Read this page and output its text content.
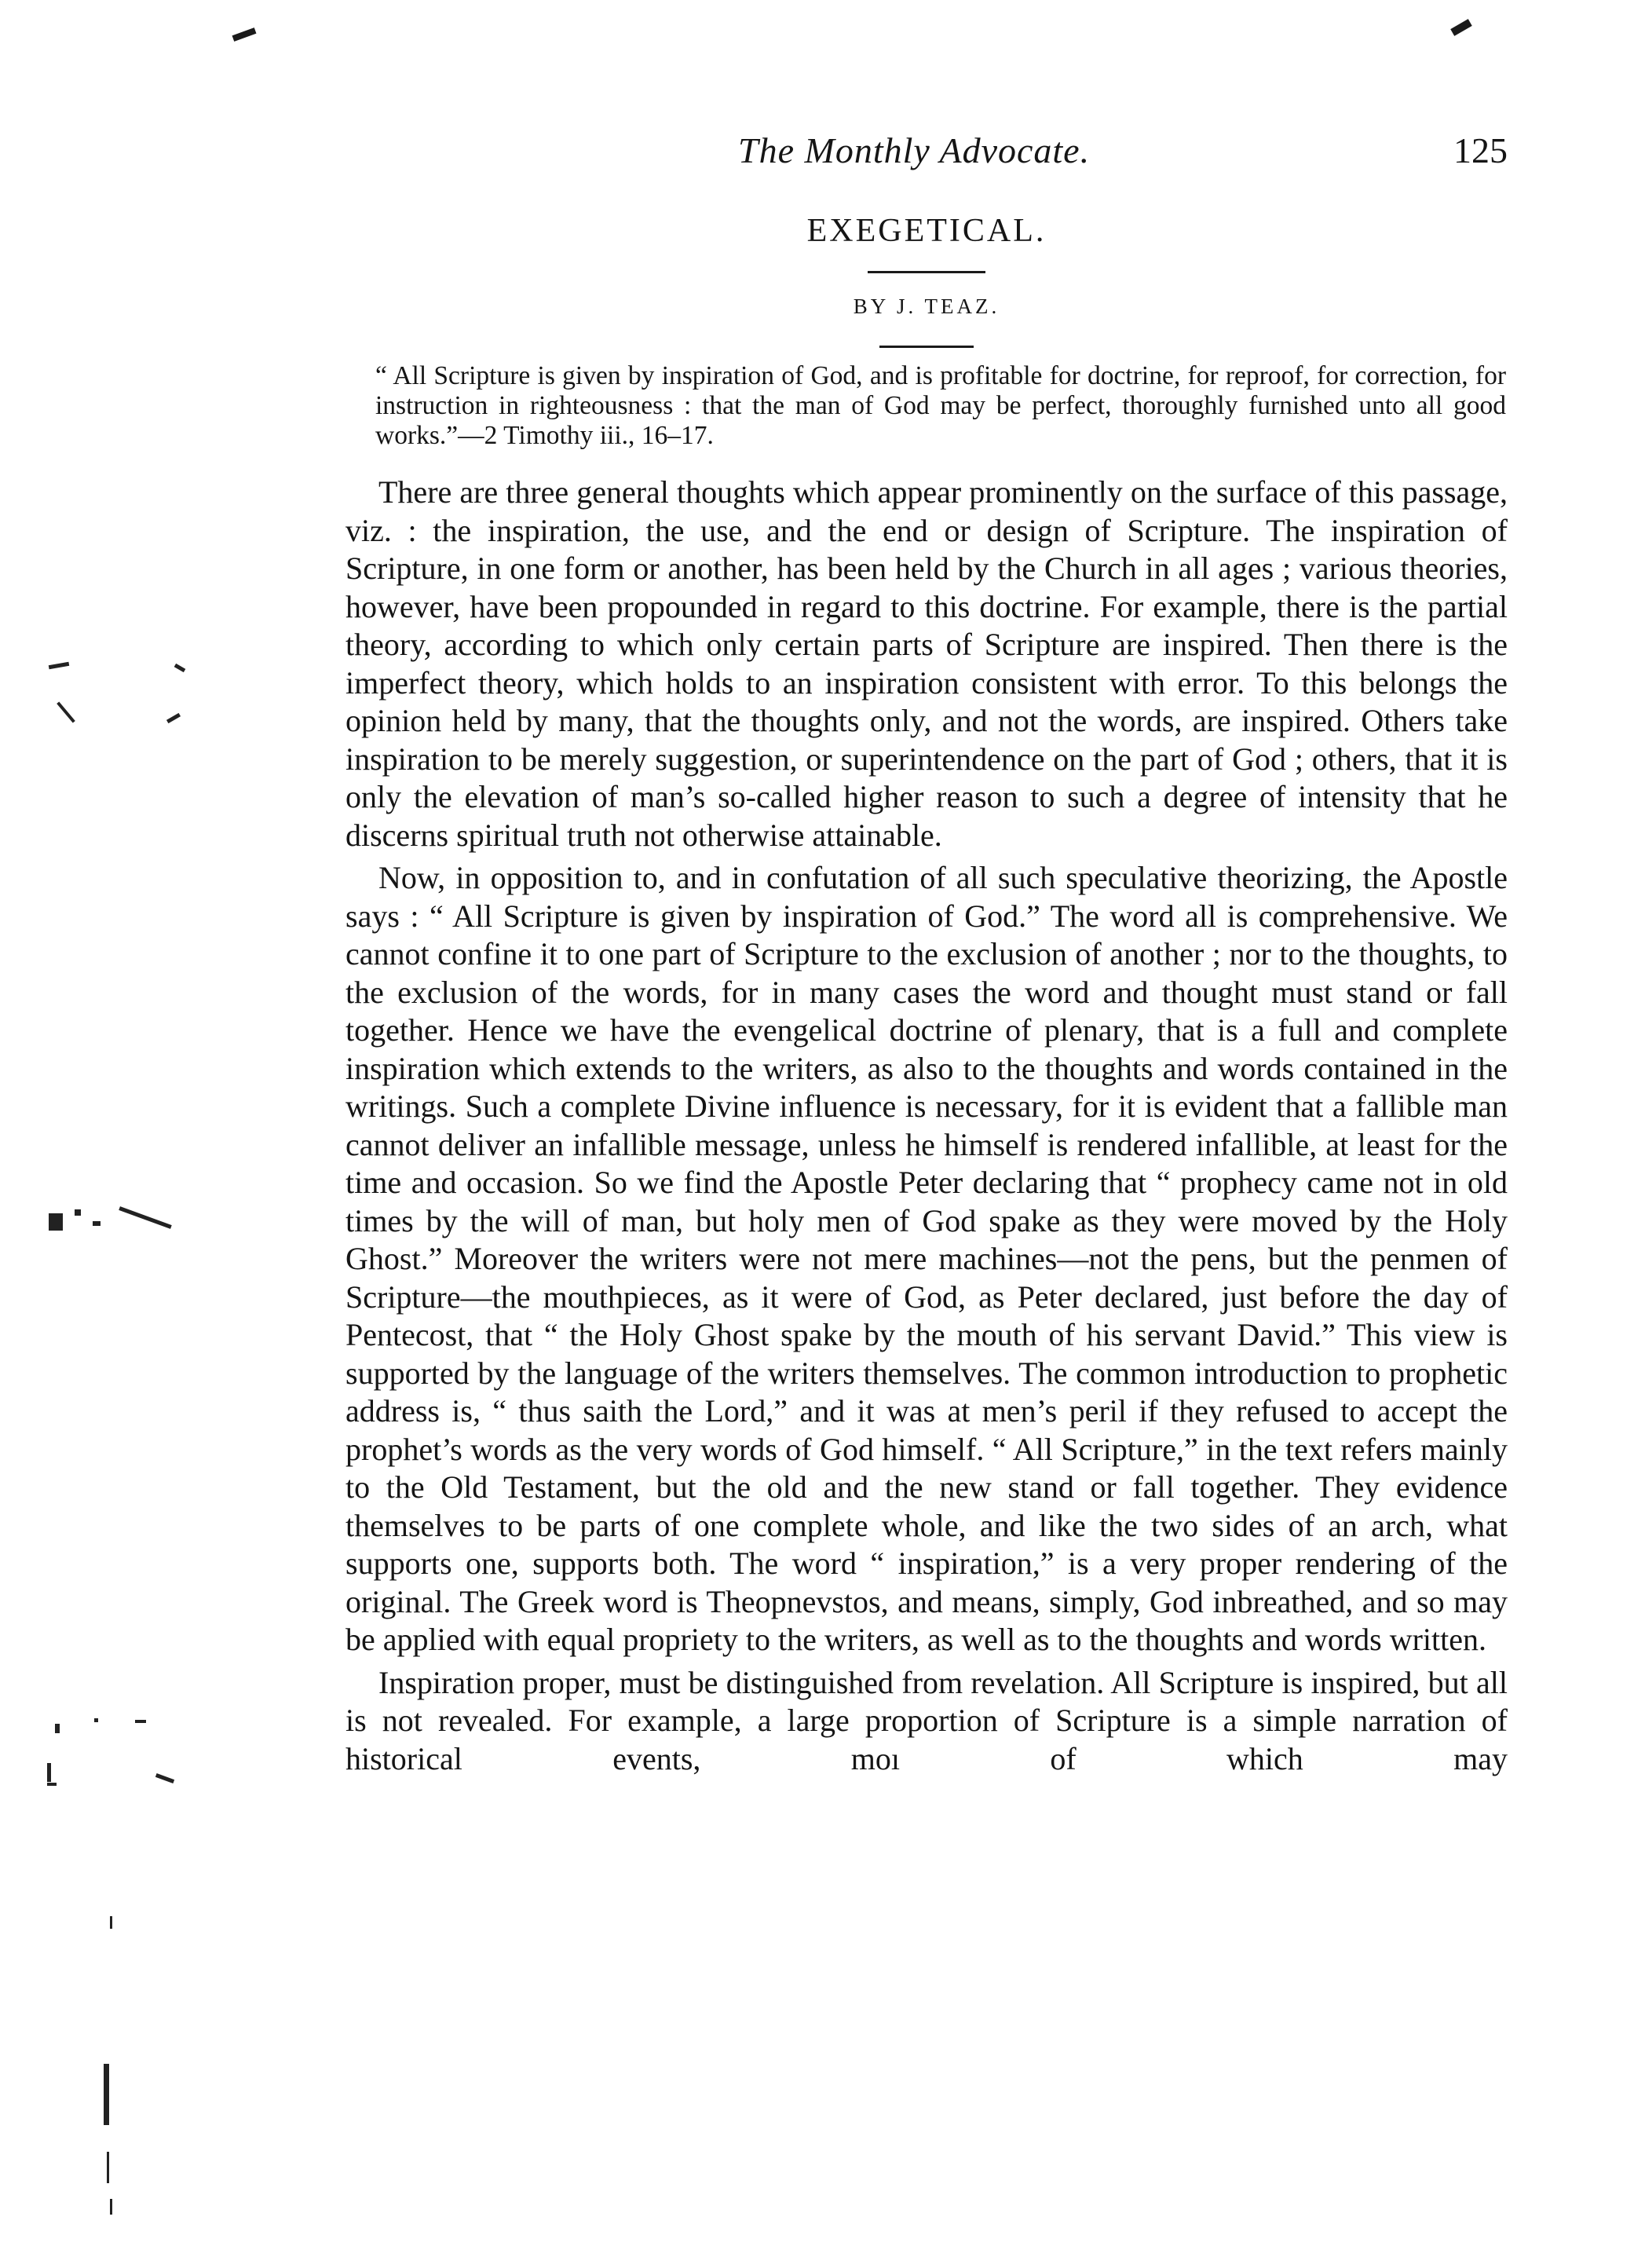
The Monthly Advocate.	125
EXEGETICAL.
BY J. TEAZ.
“ All Scripture is given by inspiration of God, and is profitable for doctrine, for reproof, for correction, for instruction in righteousness : that the man of God may be perfect, thoroughly furnished unto all good works.”—2 Timothy iii., 16–17.

There are three general thoughts which appear prominently on the surface of this passage, viz. : the inspiration, the use, and the end or design of Scripture. The inspiration of Scripture, in one form or another, has been held by the Church in all ages ; various theories, however, have been propounded in regard to this doctrine. For example, there is the partial theory, according to which only certain parts of Scripture are inspired. Then there is the imperfect theory, which holds to an inspiration consistent with error. To this belongs the opinion held by many, that the thoughts only, and not the words, are inspired. Others take inspiration to be merely suggestion, or superintendence on the part of God ; others, that it is only the elevation of man’s so-called higher reason to such a degree of intensity that he discerns spiritual truth not otherwise attainable.

Now, in opposition to, and in confutation of all such speculative theorizing, the Apostle says : “ All Scripture is given by inspiration of God.” The word all is comprehensive. We cannot confine it to one part of Scripture to the exclusion of another ; nor to the thoughts, to the exclusion of the words, for in many cases the word and thought must stand or fall together. Hence we have the evengelical doctrine of plenary, that is a full and complete inspiration which extends to the writers, as also to the thoughts and words contained in the writings. Such a complete Divine influence is necessary, for it is evident that a fallible man cannot deliver an infallible message, unless he himself is rendered infallible, at least for the time and occasion. So we find the Apostle Peter declaring that “ prophecy came not in old times by the will of man, but holy men of God spake as they were moved by the Holy Ghost.” Moreover the writers were not mere machines—not the pens, but the penmen of Scripture—the mouthpieces, as it were of God, as Peter declared, just before the day of Pentecost, that “ the Holy Ghost spake by the mouth of his servant David.” This view is supported by the language of the writers themselves. The common introduction to prophetic address is, “ thus saith the Lord,” and it was at men’s peril if they refused to accept the prophet’s words as the very words of God himself. “ All Scripture,” in the text refers mainly to the Old Testament, but the old and the new stand or fall together. They evidence themselves to be parts of one complete whole, and like the two sides of an arch, what supports one, supports both. The word “ inspiration,” is a very proper rendering of the original. The Greek word is Theopnevstos, and means, simply, God inbreathed, and so may be applied with equal propriety to the writers, as well as to the thoughts and words written.

Inspiration proper, must be distinguished from revelation. All Scripture is inspired, but all is not revealed. For example, a large proportion of Scripture is a simple narration of historical events, moı of which may
